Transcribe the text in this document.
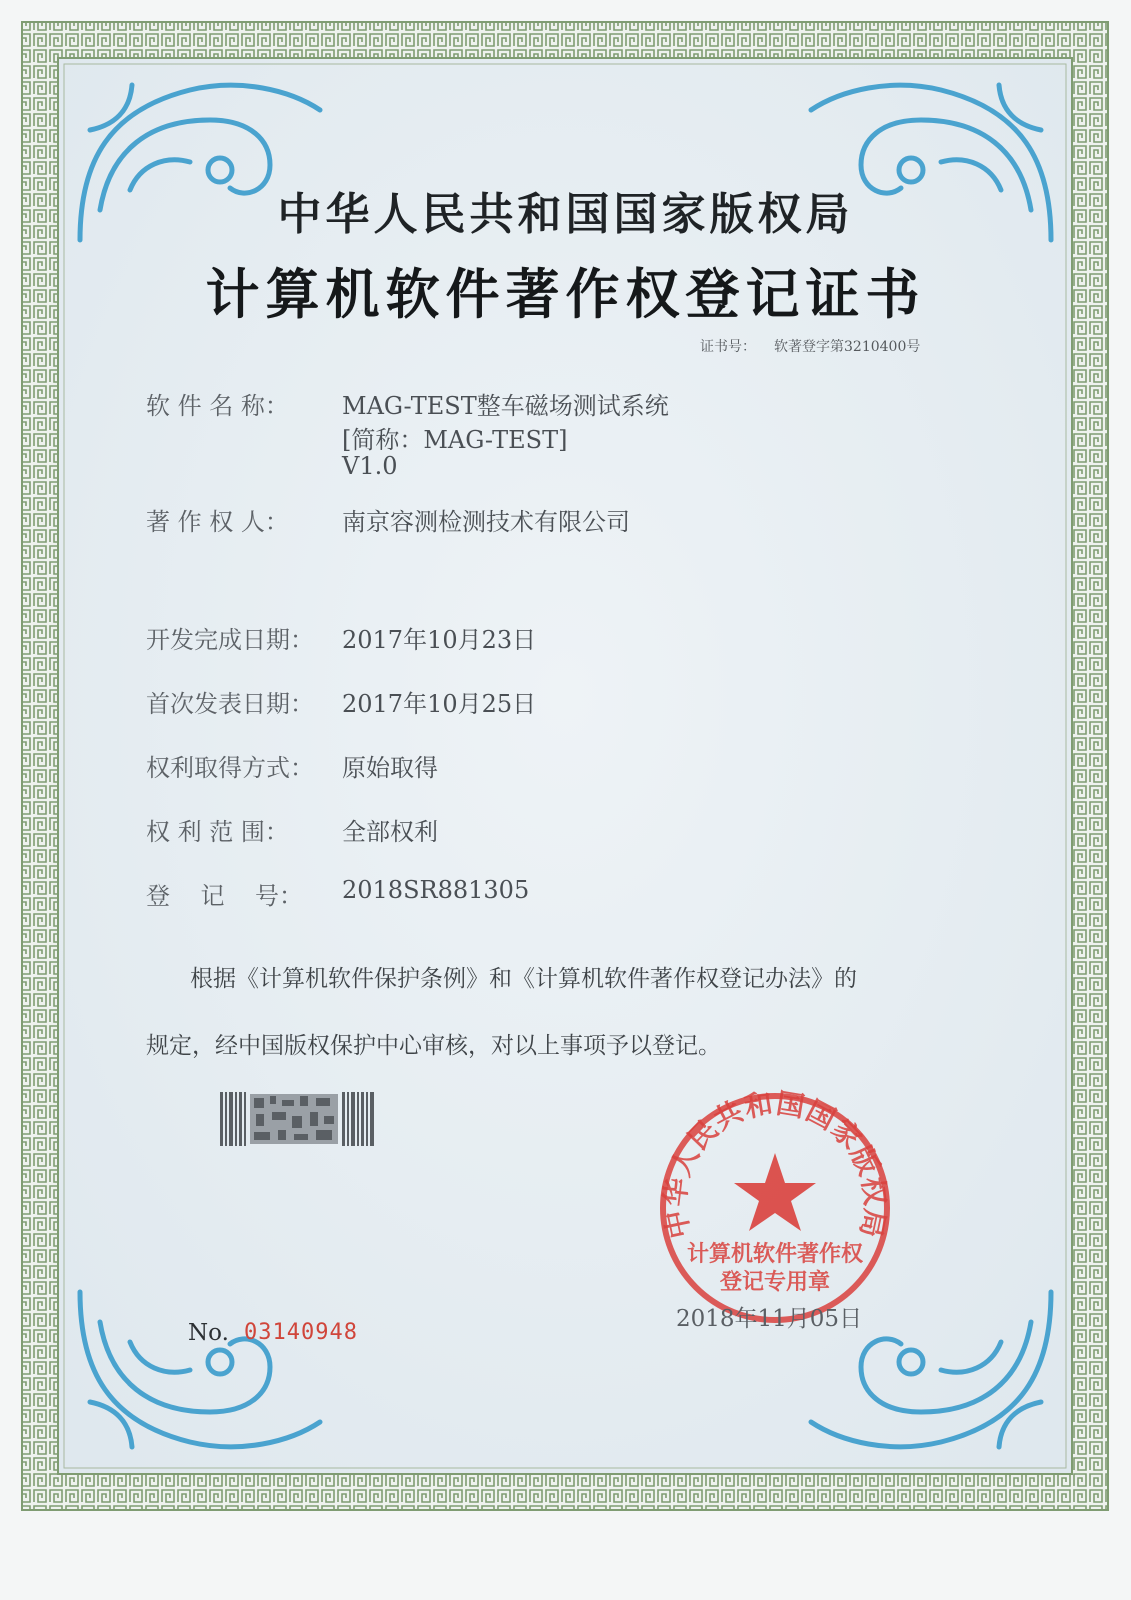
中华人民共和国国家版权局
计算机软件著作权登记证书
证书号： 软著登字第3210400号
软 件 名 称： MAG-TEST整车磁场测试系统
[简称：MAG-TEST]
V1.0
著 作 权 人： 南京容测检测技术有限公司
开发完成日期： 2017年10月23日
首次发表日期： 2017年10月25日
权利取得方式： 原始取得
权 利 范 围： 全部权利
登    记    号： 2018SR881305
根据《计算机软件保护条例》和《计算机软件著作权登记办法》的
规定，经中国版权保护中心审核，对以上事项予以登记。
No. 03140948
中华人民共和国国家版权局
计算机软件著作权
登记专用章
2018年11月05日
